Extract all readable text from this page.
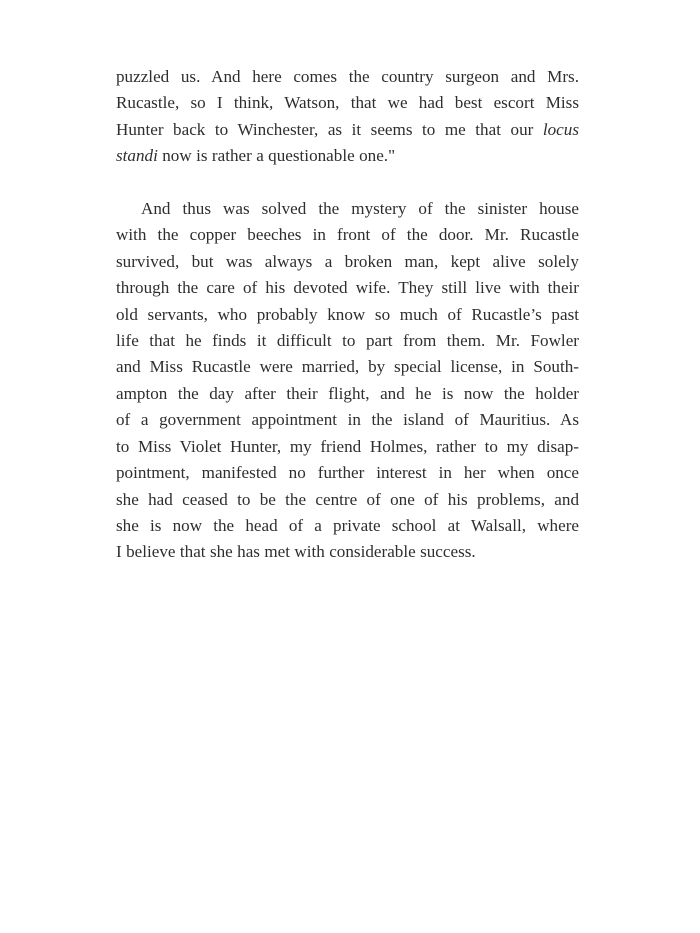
puzzled us. And here comes the country surgeon and Mrs.
Rucastle, so I think, Watson, that we had best escort Miss
Hunter back to Winchester, as it seems to me that our locus
standi now is rather a questionable one."

And thus was solved the mystery of the sinister house
with the copper beeches in front of the door. Mr. Rucastle
survived, but was always a broken man, kept alive solely
through the care of his devoted wife. They still live with their
old servants, who probably know so much of Rucastle’s past
life that he finds it difficult to part from them. Mr. Fowler
and Miss Rucastle were married, by special license, in South-
ampton the day after their flight, and he is now the holder
of a government appointment in the island of Mauritius. As
to Miss Violet Hunter, my friend Holmes, rather to my disap-
pointment, manifested no further interest in her when once
she had ceased to be the centre of one of his problems, and
she is now the head of a private school at Walsall, where
I believe that she has met with considerable success.
